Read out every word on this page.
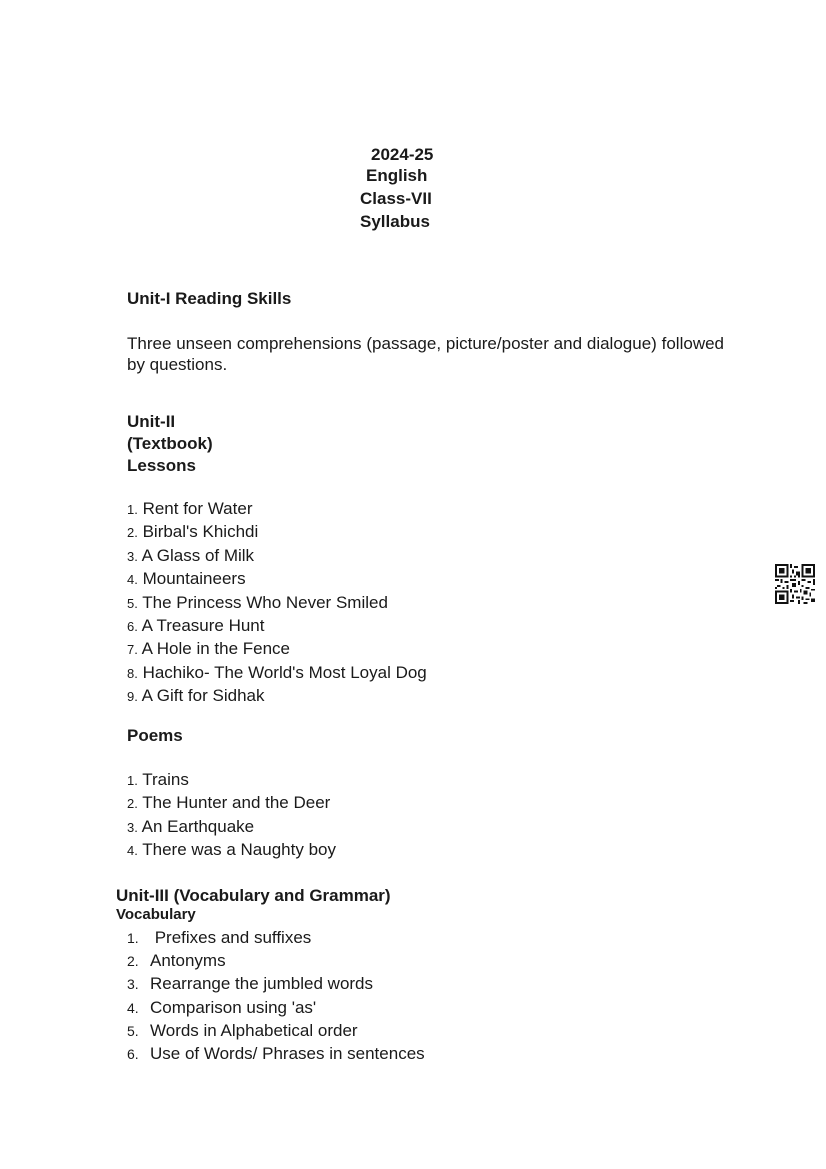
2024-25
English
Class-VII
Syllabus
Unit-I Reading Skills
Three unseen comprehensions (passage, picture/poster and dialogue) followed by questions.
Unit-II
(Textbook)
Lessons
1. Rent for Water
2. Birbal's Khichdi
3. A Glass of Milk
4. Mountaineers
5. The Princess Who Never Smiled
6. A Treasure Hunt
7. A Hole in the Fence
8. Hachiko- The World's Most Loyal Dog
9. A Gift for Sidhak
Poems
1. Trains
2. The Hunter and the Deer
3. An Earthquake
4. There was a Naughty boy
Unit-III (Vocabulary and Grammar)
Vocabulary
1. Prefixes and suffixes
2. Antonyms
3. Rearrange the jumbled words
4. Comparison using 'as'
5. Words in Alphabetical order
6. Use of Words/ Phrases in sentences
